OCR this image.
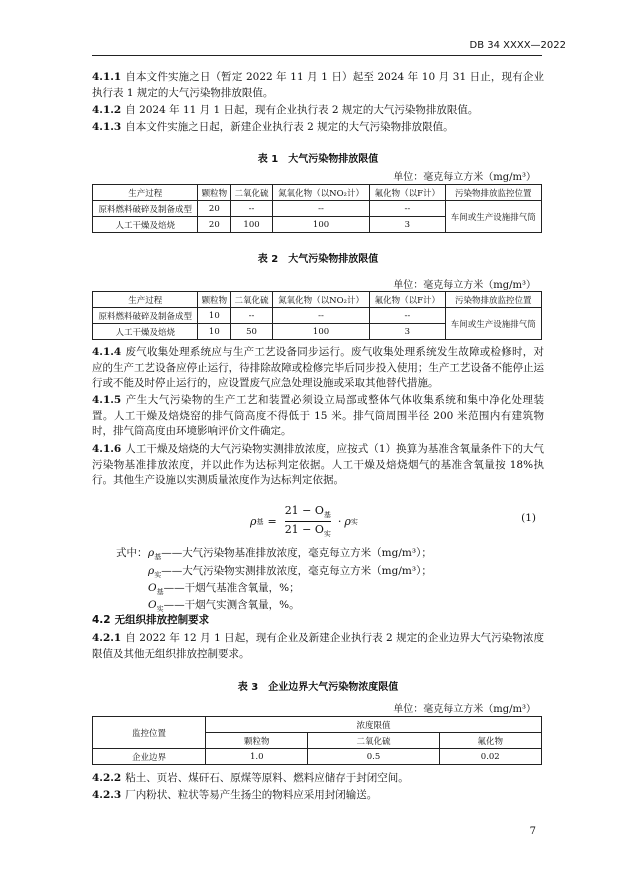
DB 34 XXXX—2022

4.1.1 自本文件实施之日（暂定 2022 年 11 月 1 日）起至 2024 年 10 月 31 日止，现有企业执行表 1 规定的大气污染物排放限值。

4.1.2 自 2024 年 11 月 1 日起，现有企业执行表 2 规定的大气污染物排放限值。

4.1.3 自本文件实施之日起，新建企业执行表 2 规定的大气污染物排放限值。

表 1　大气污染物排放限值
单位：毫克每立方米（mg/m³）
生产过程	颗粒物	二氧化硫	氮氧化物（以NO₂计）	氟化物（以F计）	污染物排放监控位置
原料燃料破碎及制备成型	20	--	--	--	车间或生产设施排气筒
人工干燥及焙烧	20	100	100	3	
表 2　大气污染物排放限值
单位：毫克每立方米（mg/m³）
生产过程	颗粒物	二氧化硫	氮氧化物（以NO₂计）	氟化物（以F计）	污染物排放监控位置
原料燃料破碎及制备成型	10	--	--	--	车间或生产设施排气筒
人工干燥及焙烧	10	50	100	3	

4.1.4 废气收集处理系统应与生产工艺设备同步运行。废气收集处理系统发生故障或检修时，对应的生产工艺设备应停止运行，待排除故障或检修完毕后同步投入使用；生产工艺设备不能停止运行或不能及时停止运行的，应设置废气应急处理设施或采取其他替代措施。

4.1.5 产生大气污染物的生产工艺和装置必须设立局部或整体气体收集系统和集中净化处理装置。人工干燥及焙烧窑的排气筒高度不得低于 15 米。排气筒周围半径 200 米范围内有建筑物时，排气筒高度由环境影响评价文件确定。

4.1.6 人工干燥及焙烧的大气污染物实测排放浓度，应按式（1）换算为基准含氧量条件下的大气污染物基准排放浓度，并以此作为达标判定依据。人工干燥及焙烧烟气的基准含氧量按 18%执行。其他生产设施以实测质量浓度作为达标判定依据。

ρ 基 = $\frac{21 - O_基}{21 - O_实} \cdot \rho$ 实	(1)
式中： $\rho_基——$大气污染物基准排放浓度，毫克每立方米（mg/m³）；
$\rho_实——$大气污染物实测排放浓度，毫克每立方米（mg/m³）；
$O_基——$干烟气基准含氧量，%；
$O_实——$干烟气实测含氧量，%。
4.2 无组织排放控制要求

4.2.1 自 2022 年 12 月 1 日起，现有企业及新建企业执行表 2 规定的企业边界大气污染物浓度限值及其他无组织排放控制要求。

表 3　企业边界大气污染物浓度限值
单位：毫克每立方米（mg/m³）
监控位置	浓度限值		
	颗粒物	二氧化硫	氟化物
企业边界	1.0	0.5	0.02

4.2.2 粘土、页岩、煤矸石、原煤等原料、燃料应储存于封闭空间。

4.2.3 厂内粉状、粒状等易产生扬尘的物料应采用封闭输送。

7
